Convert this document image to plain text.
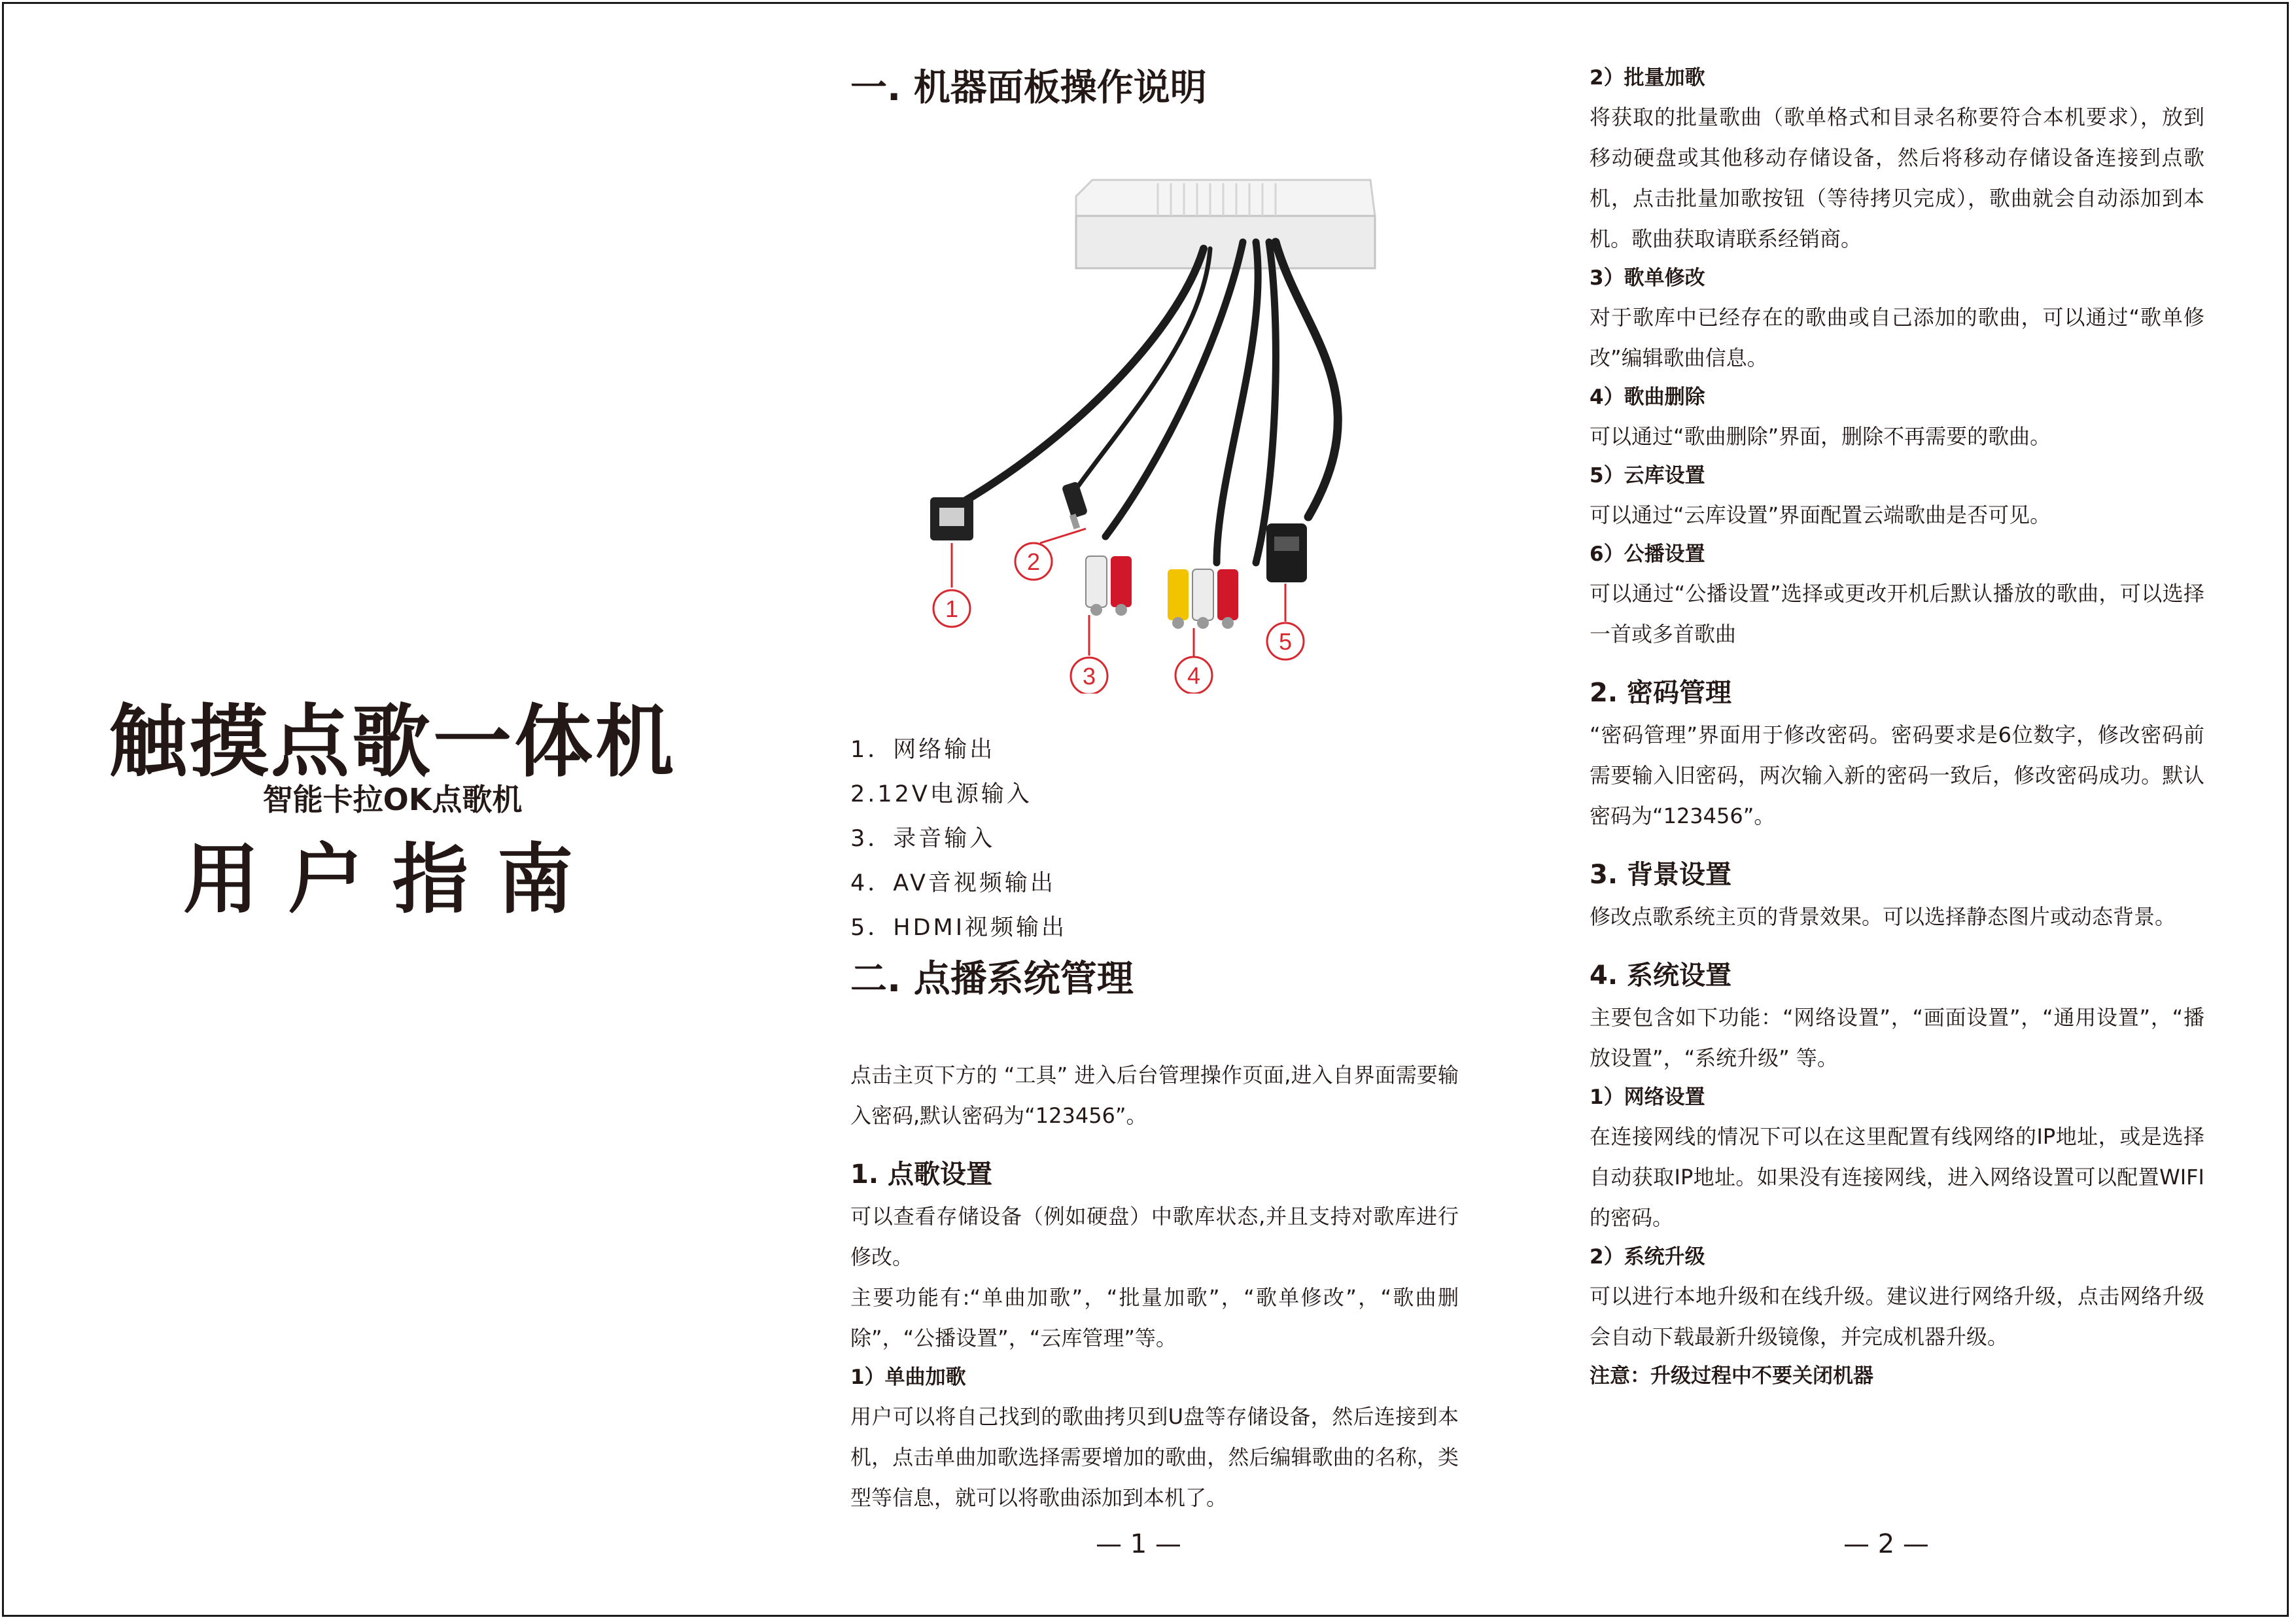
触摸点歌一体机
智能卡拉OK点歌机
用户指南
一. 机器面板操作说明
1
2
3	4
5
1．网络输出
2.12V电源输入
3．录音输入
4．AV音视频输出
5．HDMI视频输出
二. 点播系统管理
点击主页下方的 “工具” 进入后台管理操作页面,进入自界面需要输入密码,默认密码为“123456”。
1. 点歌设置
可以查看存储设备（例如硬盘）中歌库状态,并且支持对歌库进行修改。
主要功能有:“单曲加歌”，“批量加歌”，“歌单修改”，“歌曲删除”，“公播设置”，“云库管理”等。
1）单曲加歌
用户可以将自己找到的歌曲拷贝到U盘等存储设备，然后连接到本机，点击单曲加歌选择需要增加的歌曲，然后编辑歌曲的名称，类型等信息，就可以将歌曲添加到本机了。
— 1 —
2）批量加歌
将获取的批量歌曲（歌单格式和目录名称要符合本机要求），放到移动硬盘或其他移动存储设备，然后将移动存储设备连接到点歌机，点击批量加歌按钮（等待拷贝完成），歌曲就会自动添加到本机。歌曲获取请联系经销商。
3）歌单修改
对于歌库中已经存在的歌曲或自己添加的歌曲，可以通过“歌单修改”编辑歌曲信息。
4）歌曲删除
可以通过“歌曲删除”界面，删除不再需要的歌曲。
5）云库设置
可以通过“云库设置”界面配置云端歌曲是否可见。
6）公播设置
可以通过“公播设置”选择或更改开机后默认播放的歌曲，可以选择一首或多首歌曲
2. 密码管理
“密码管理”界面用于修改密码。密码要求是6位数字，修改密码前需要输入旧密码，两次输入新的密码一致后，修改密码成功。默认密码为“123456”。
3. 背景设置
修改点歌系统主页的背景效果。可以选择静态图片或动态背景。
4. 系统设置
主要包含如下功能：“网络设置”，“画面设置”，“通用设置”，“播放设置”，“系统升级” 等。
1）网络设置
在连接网线的情况下可以在这里配置有线网络的IP地址，或是选择自动获取IP地址。如果没有连接网线，进入网络设置可以配置WIFI的密码。
2）系统升级
可以进行本地升级和在线升级。建议进行网络升级，点击网络升级会自动下载最新升级镜像，并完成机器升级。
注意：升级过程中不要关闭机器
— 2 —
